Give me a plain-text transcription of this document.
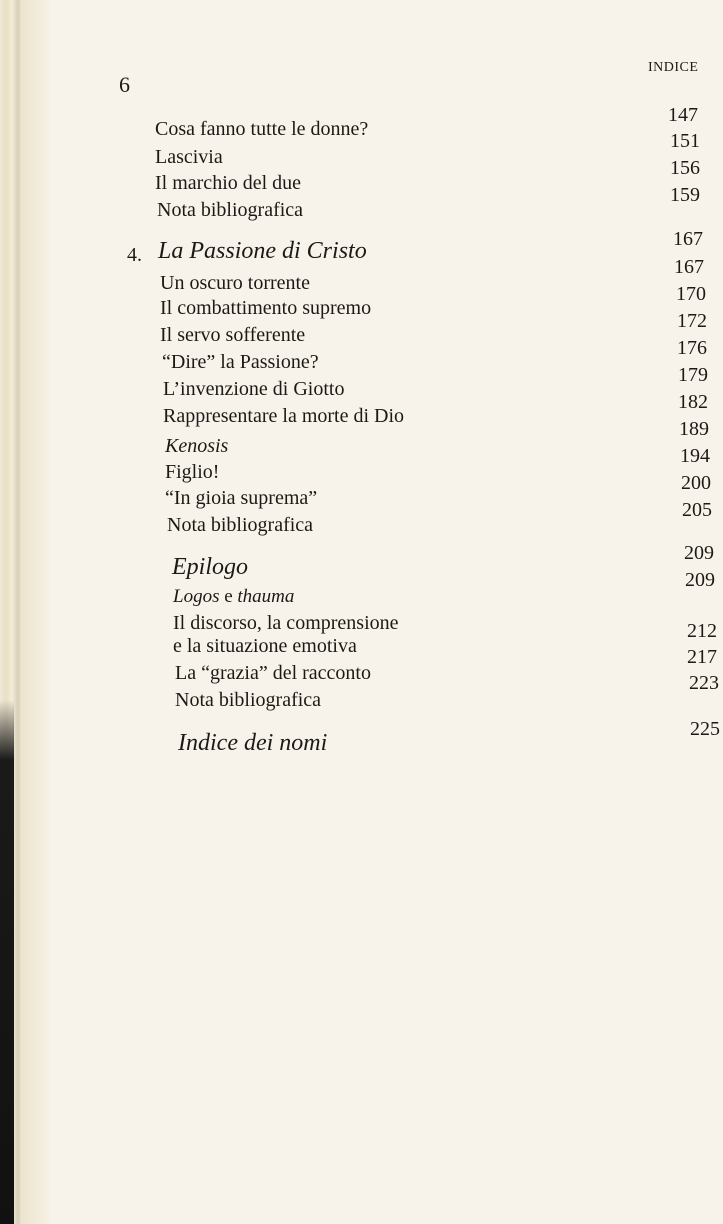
6
INDICE
Cosa fanno tutte le donne?
147
Lascivia
151
Il marchio del due
156
Nota bibliografica
159
4. La Passione di Cristo	167
Un oscuro torrente
167
Il combattimento supremo
170
Il servo sofferente
172
“Dire” la Passione?
176
L’invenzione di Giotto
179
Rappresentare la morte di Dio
182
Kenosis
189
Figlio!
194
“In gioia suprema”
200
Nota bibliografica
205
Epilogo
209
Logos e thauma
209
Il discorso, la comprensione
e la situazione emotiva
212
La “grazia” del racconto
217
Nota bibliografica
223
Indice dei nomi
225
